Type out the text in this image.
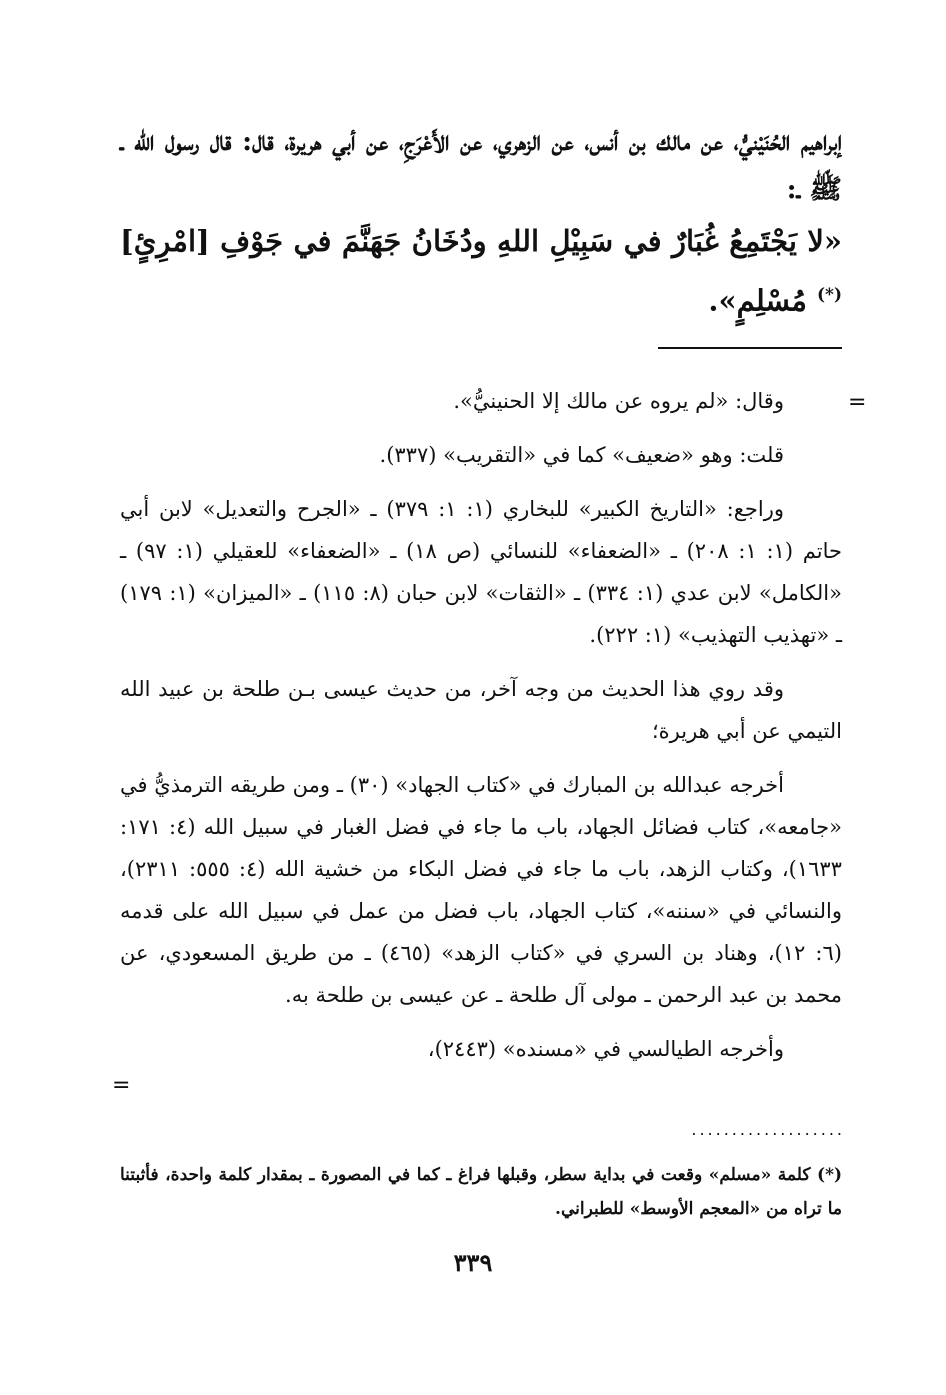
إبراهيم الحُنَيْنيُّ، عن مالك بن أنس، عن الزهري، عن الأَعْرَجِ، عن أبي هريرة، قال: قال رسول الله ـ ﷺ ـ:

«لا يَجْتَمِعُ غُبَارٌ في سَبِيْلِ اللهِ ودُخَانُ جَهَنَّمَ في جَوْفِ [امْرِئٍ](*) مُسْلِمٍ».

=

وقال: «لم يروه عن مالك إلا الحنينيُّ».

قلت: وهو «ضعيف» كما في «التقريب» (٣٣٧).

وراجع: «التاريخ الكبير» للبخاري (١: ١: ٣٧٩) ـ «الجرح والتعديل» لابن أبي حاتم (١: ١: ٢٠٨) ـ «الضعفاء» للنسائي (ص ١٨) ـ «الضعفاء» للعقيلي (١: ٩٧) ـ «الكامل» لابن عدي (١: ٣٣٤) ـ «الثقات» لابن حبان (٨: ١١٥) ـ «الميزان» (١: ١٧٩) ـ «تهذيب التهذيب» (١: ٢٢٢).

وقد روي هذا الحديث من وجه آخر، من حديث عيسى بـن طلحة بن عبيد الله التيمي عن أبي هريرة؛

أخرجه عبدالله بن المبارك في «كتاب الجهاد» (٣٠) ـ ومن طريقه الترمذيُّ في «جامعه»، كتاب فضائل الجهاد، باب ما جاء في فضل الغبار في سبيل الله (٤: ١٧١: ١٦٣٣)، وكتاب الزهد، باب ما جاء في فضل البكاء من خشية الله (٤: ٥٥٥: ٢٣١١)، والنسائي في «سننه»، كتاب الجهاد، باب فضل من عمل في سبيل الله على قدمه (٦: ١٢)، وهناد بن السري في «كتاب الزهد» (٤٦٥) ـ من طريق المسعودي، عن محمد بن عبد الرحمن ـ مولى آل طلحة ـ عن عيسى بن طلحة به.

وأخرجه الطيالسي في «مسنده» (٢٤٤٣)،

=
...................

(*) كلمة «مسلم» وقعت في بداية سطر، وقبلها فراغ ـ كما في المصورة ـ بمقدار كلمة واحدة، فأثبتنا ما تراه من «المعجم الأوسط» للطبراني.

٣٣٩
